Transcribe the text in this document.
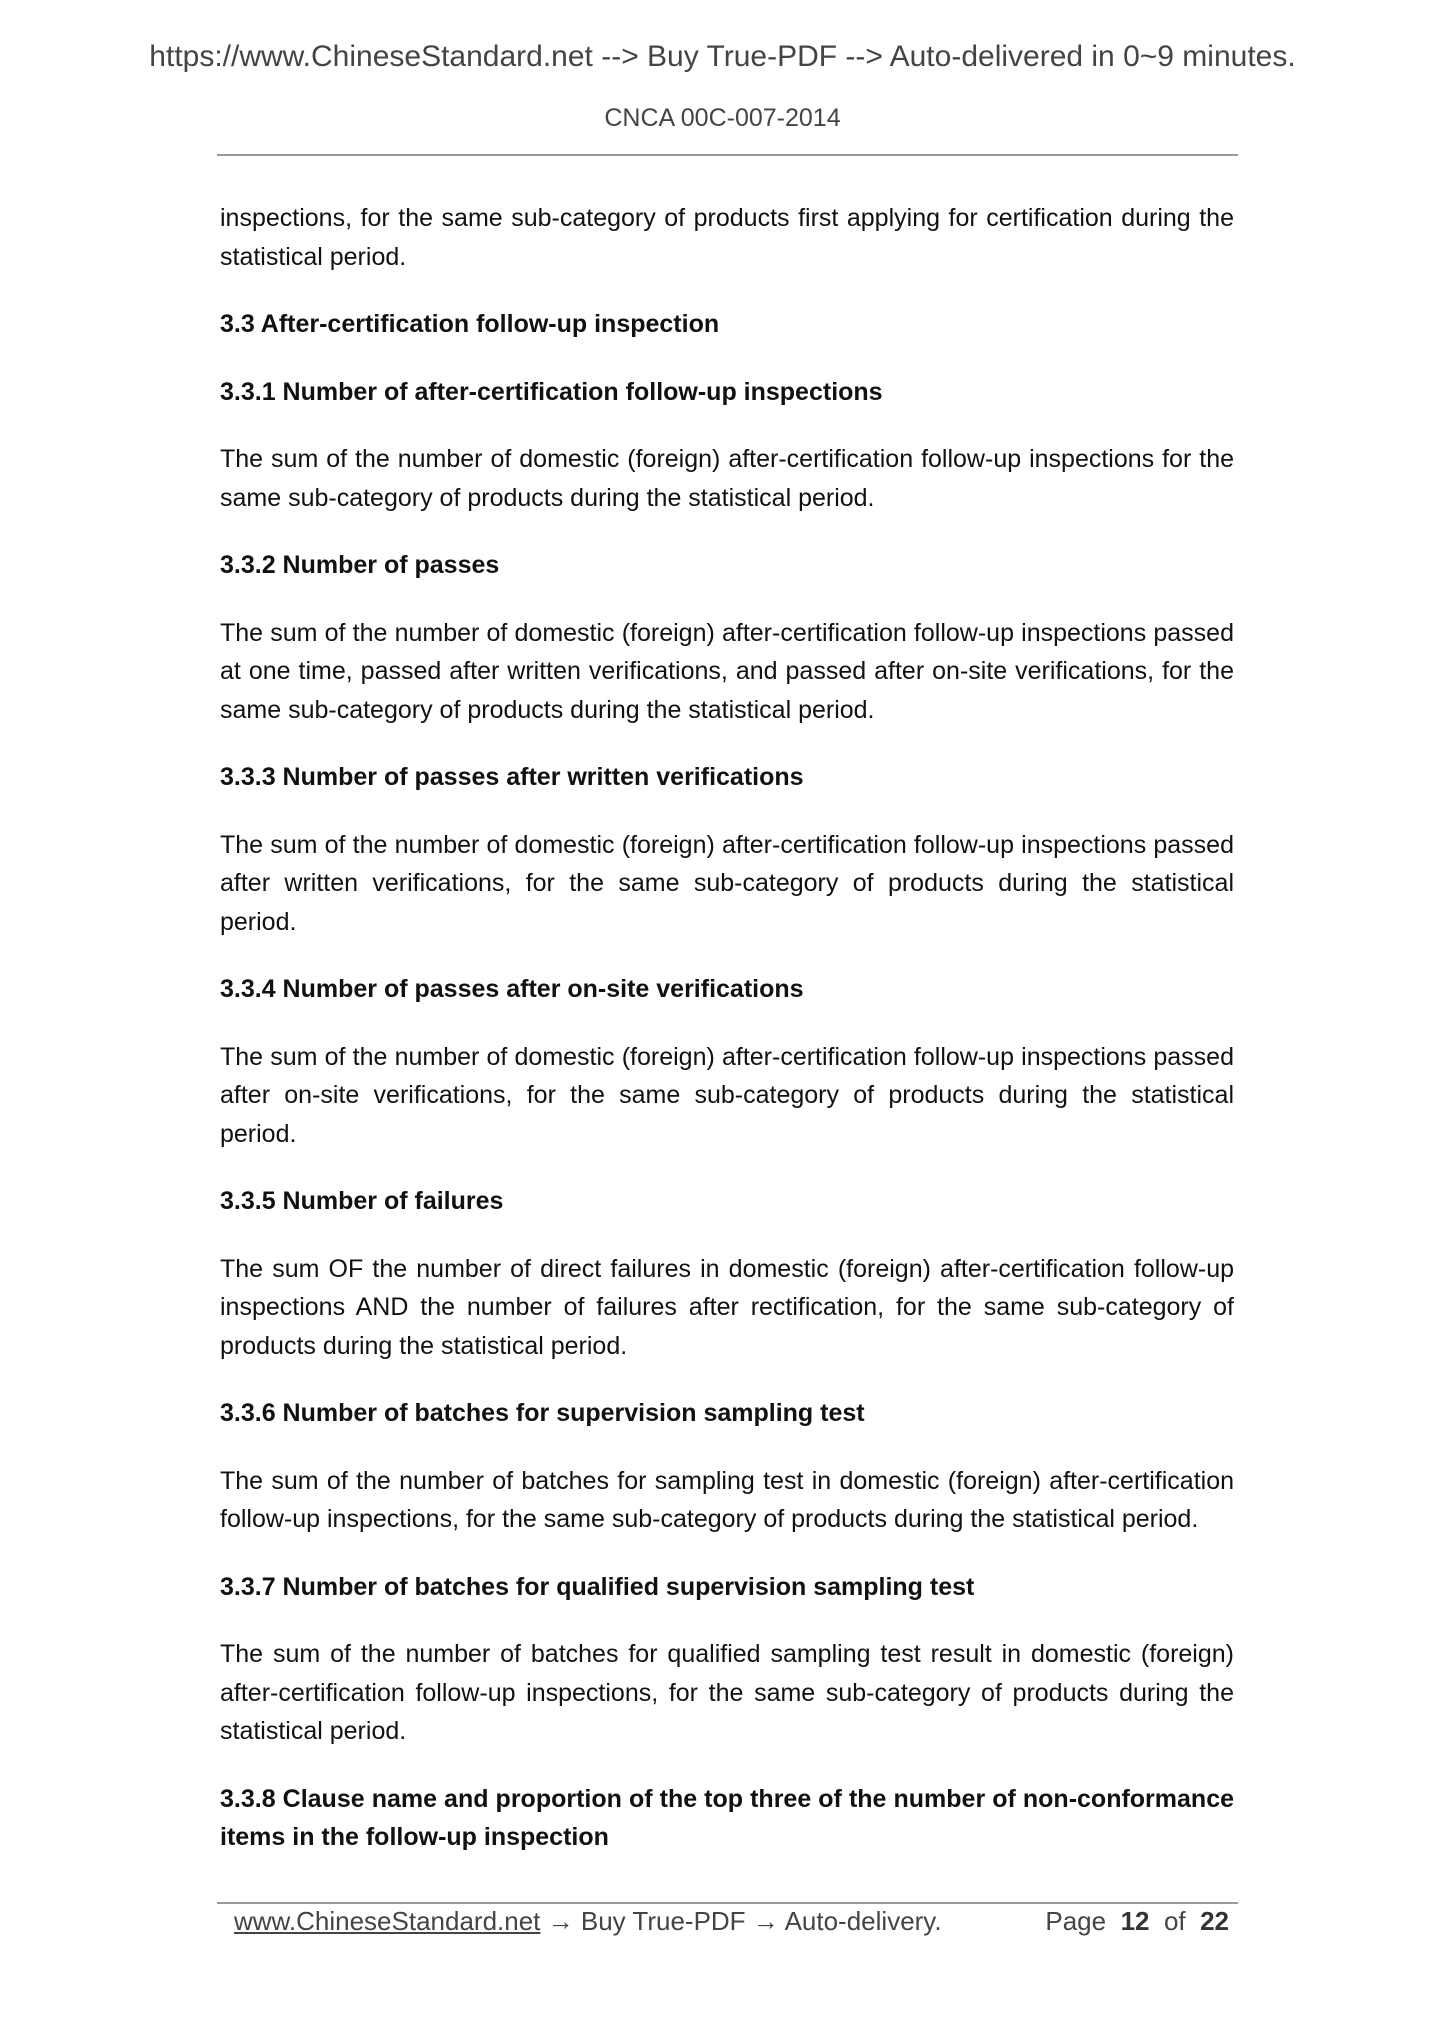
https://www.ChineseStandard.net --> Buy True-PDF --> Auto-delivered in 0~9 minutes.
CNCA 00C-007-2014

inspections, for the same sub-category of products first applying for certification during the statistical period.

3.3 After-certification follow-up inspection

3.3.1 Number of after-certification follow-up inspections

The sum of the number of domestic (foreign) after-certification follow-up inspections for the same sub-category of products during the statistical period.

3.3.2 Number of passes

The sum of the number of domestic (foreign) after-certification follow-up inspections passed at one time, passed after written verifications, and passed after on-site verifications, for the same sub-category of products during the statistical period.

3.3.3 Number of passes after written verifications

The sum of the number of domestic (foreign) after-certification follow-up inspections passed after written verifications, for the same sub-category of products during the statistical period.

3.3.4 Number of passes after on-site verifications

The sum of the number of domestic (foreign) after-certification follow-up inspections passed after on-site verifications, for the same sub-category of products during the statistical period.

3.3.5 Number of failures

The sum OF the number of direct failures in domestic (foreign) after-certification follow-up inspections AND the number of failures after rectification, for the same sub-category of products during the statistical period.

3.3.6 Number of batches for supervision sampling test

The sum of the number of batches for sampling test in domestic (foreign) after-certification follow-up inspections, for the same sub-category of products during the statistical period.

3.3.7 Number of batches for qualified supervision sampling test

The sum of the number of batches for qualified sampling test result in domestic (foreign) after-certification follow-up inspections, for the same sub-category of products during the statistical period.

3.3.8 Clause name and proportion of the top three of the number of non-conformance items in the follow-up inspection

www.ChineseStandard.net → Buy True-PDF → Auto-delivery.	Page 12 of 22
